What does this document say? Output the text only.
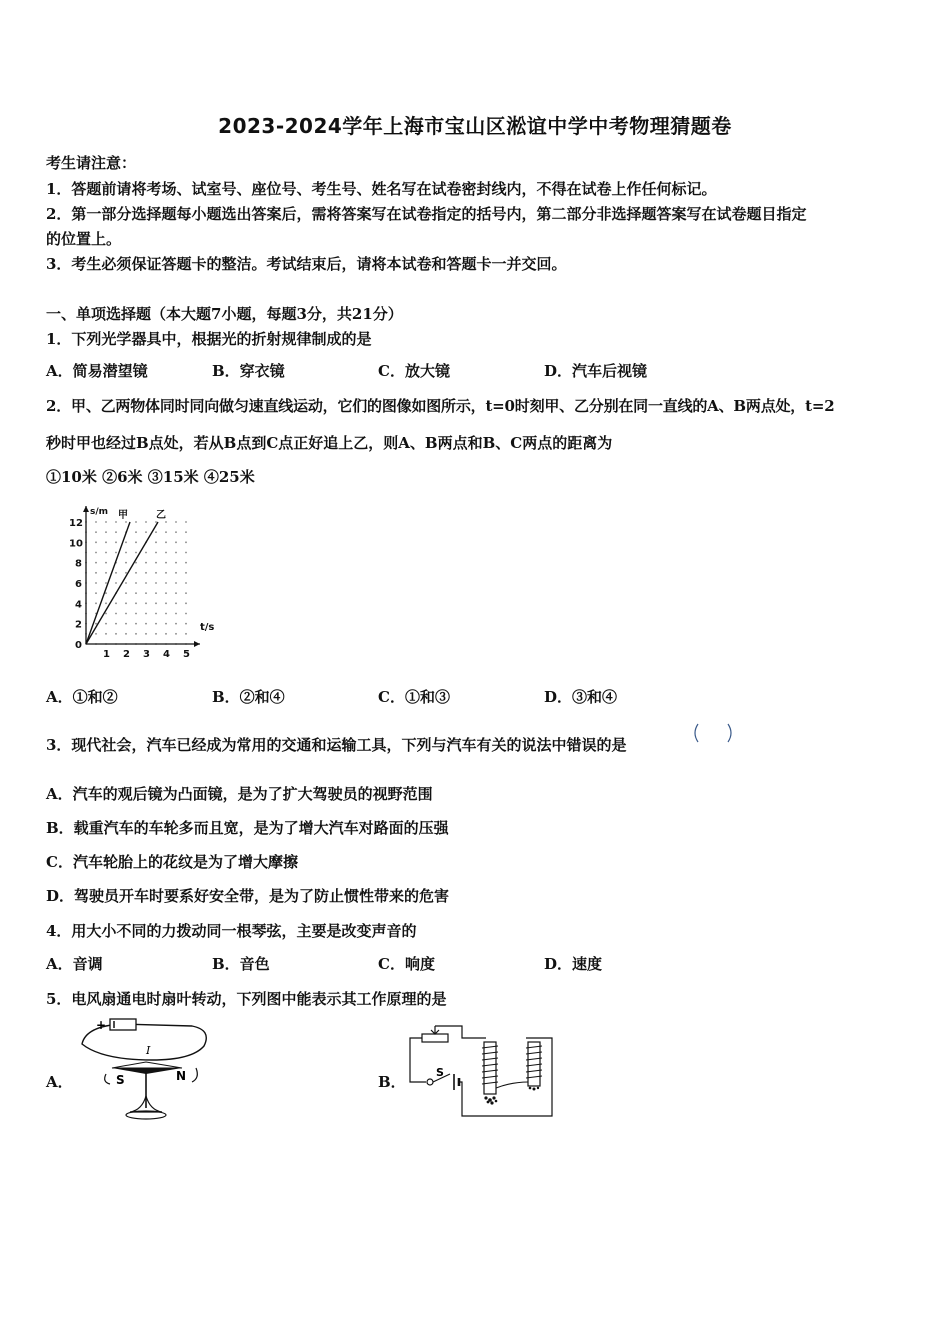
2023-2024学年上海市宝山区淞谊中学中考物理猜题卷
考生请注意：
1．答题前请将考场、试室号、座位号、考生号、姓名写在试卷密封线内，不得在试卷上作任何标记。
2．第一部分选择题每小题选出答案后，需将答案写在试卷指定的括号内，第二部分非选择题答案写在试卷题目指定
的位置上。
3．考生必须保证答题卡的整洁。考试结束后，请将本试卷和答题卡一并交回。
一、单项选择题（本大题7小题，每题3分，共21分）
1．下列光学器具中，根据光的折射规律制成的是
A．简易潜望镜	B．穿衣镜	C．放大镜	D．汽车后视镜
2．甲、乙两物体同时同向做匀速直线运动，它们的图像如图所示，t=0时刻甲、乙分别在同一直线的A、B两点处，t=2
秒时甲也经过B点处，若从B点到C点正好追上乙，则A、B两点和B、C两点的距离为
①10米 ②6米 ③15米 ④25米
1 2 3 4 5
2
4
6
8
10
12
0
t/s
s/m 甲	乙
A．①和②	B．②和④	C．①和③	D．③和④
3．现代社会，汽车已经成为常用的交通和运输工具，下列与汽车有关的说法中错误的是
A．汽车的观后镜为凸面镜，是为了扩大驾驶员的视野范围
B．载重汽车的车轮多而且宽，是为了增大汽车对路面的压强
C．汽车轮胎上的花纹是为了增大摩擦
D．驾驶员开车时要系好安全带，是为了防止惯性带来的危害
4．用大小不同的力拨动同一根琴弦，主要是改变声音的
A．音调	B．音色	C．响度	D．速度
5．电风扇通电时扇叶转动，下列图中能表示其工作原理的是
A．	B．
+
I
S	N	S
